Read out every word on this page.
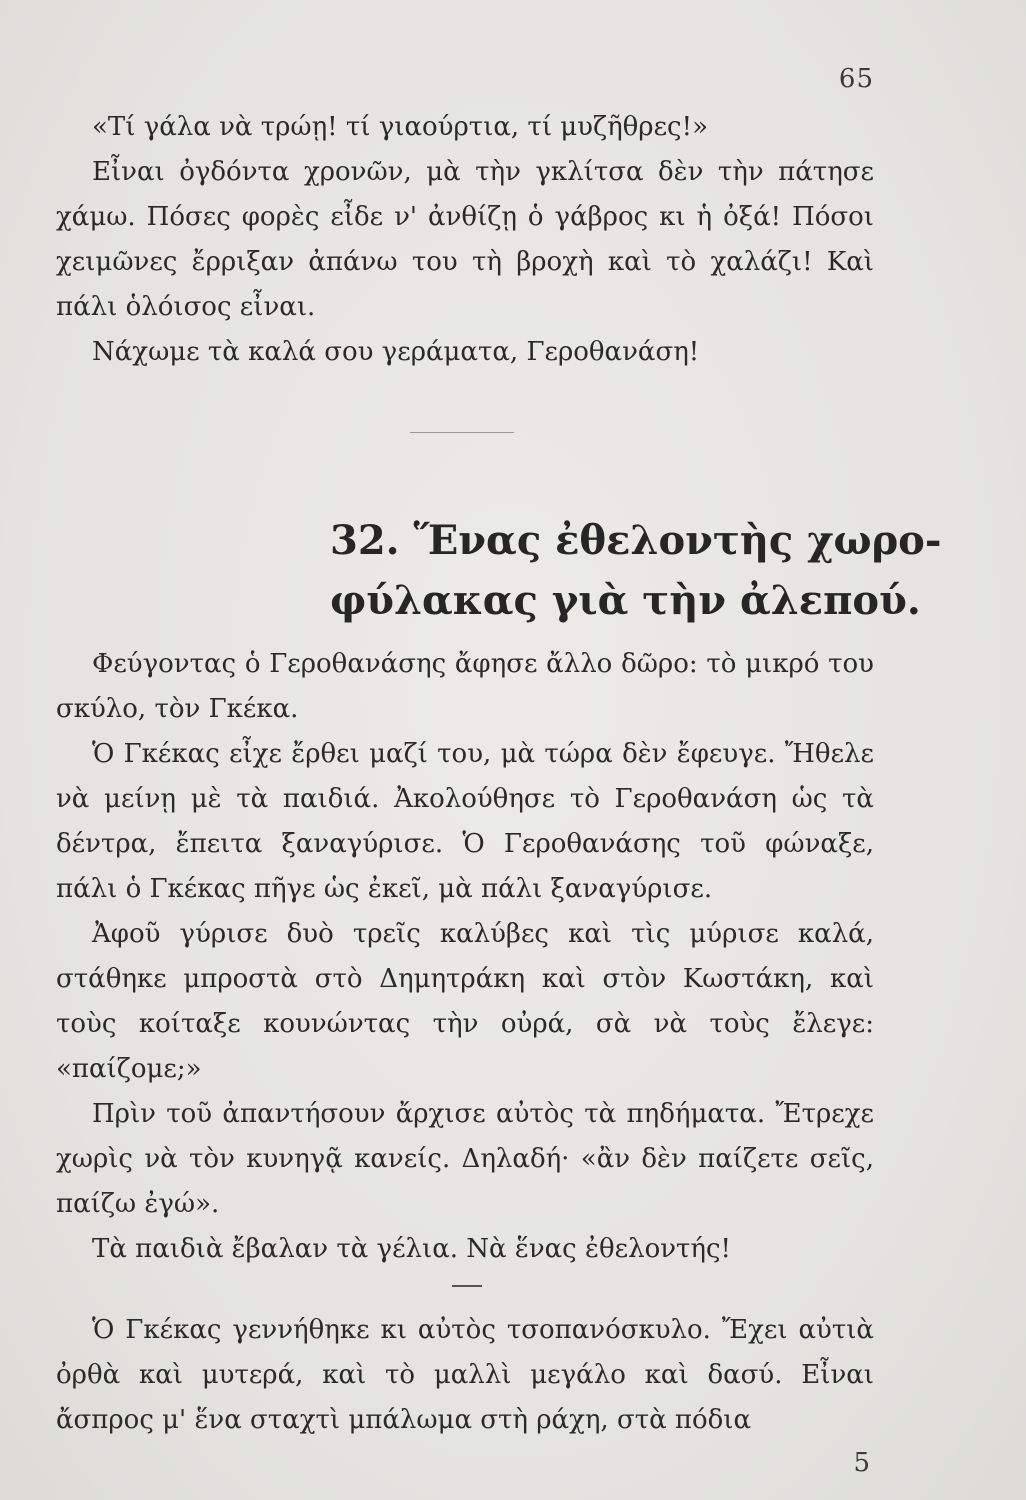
65

«Τί γάλα νὰ τρώῃ! τί γιαούρτια, τί μυζῆθρες!»

Εἶναι ὀγδόντα χρονῶν, μὰ τὴν γκλίτσα δὲν τὴν πάτησε χάμω. Πόσες φορὲς εἶδε ν' ἀνθίζῃ ὁ γάβρος κι ἡ ὀξά! Πόσοι χειμῶνες ἔρριξαν ἀπάνω του τὴ βροχὴ καὶ τὸ χαλάζι! Καὶ πάλι ὁλόισος εἶναι.

Νάχωμε τὰ καλά σου γεράματα, Γεροθανάση!

32. Ἕνας ἐθελοντὴς χωρο-
φύλακας γιὰ τὴν ἀλεπού.

Φεύγοντας ὁ Γεροθανάσης ἄφησε ἄλλο δῶρο: τὸ μικρό του σκύλο, τὸν Γκέκα.

Ὁ Γκέκας εἶχε ἔρθει μαζί του, μὰ τώρα δὲν ἔφευγε. Ἤθελε νὰ μείνῃ μὲ τὰ παιδιά. Ἀκολούθησε τὸ Γεροθανάση ὡς τὰ δέντρα, ἔπειτα ξαναγύρισε. Ὁ Γεροθανάσης τοῦ φώναξε, πάλι ὁ Γκέκας πῆγε ὡς ἐκεῖ, μὰ πάλι ξαναγύρισε.

Ἀφοῦ γύρισε δυὸ τρεῖς καλύβες καὶ τὶς μύρισε καλά, στάθηκε μπροστὰ στὸ Δημητράκη καὶ στὸν Κωστάκη, καὶ τοὺς κοίταξε κουνώντας τὴν οὐρά, σὰ νὰ τοὺς ἔλεγε: «παίζομε;»

Πρὶν τοῦ ἀπαντήσουν ἄρχισε αὐτὸς τὰ πηδήματα. Ἔτρεχε χωρὶς νὰ τὸν κυνηγᾷ κανείς. Δηλαδή· «ἂν δὲν παίζετε σεῖς, παίζω ἐγώ».

Τὰ παιδιὰ ἔβαλαν τὰ γέλια. Νὰ ἕνας ἐθελοντής!

Ὁ Γκέκας γεννήθηκε κι αὐτὸς τσοπανόσκυλο. Ἔχει αὐτιὰ ὀρθὰ καὶ μυτερά, καὶ τὸ μαλλὶ μεγάλο καὶ δασύ. Εἶναι ἄσπρος μ' ἕνα σταχτὶ μπάλωμα στὴ ράχη, στὰ πόδια

5
